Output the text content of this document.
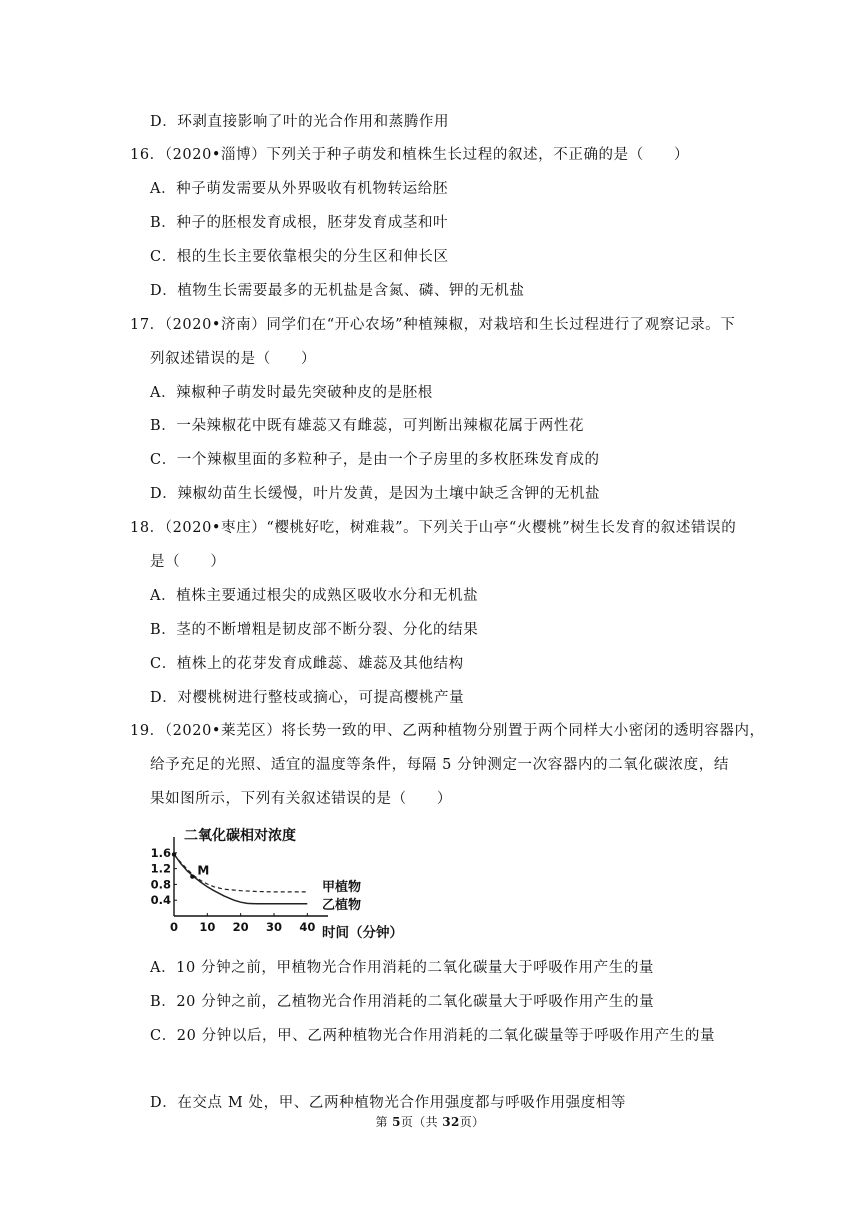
D．环剥直接影响了叶的光合作用和蒸腾作用
16．（2020•淄博）下列关于种子萌发和植株生长过程的叙述，不正确的是（　　）
A．种子萌发需要从外界吸收有机物转运给胚
B．种子的胚根发育成根，胚芽发育成茎和叶
C．根的生长主要依靠根尖的分生区和伸长区
D．植物生长需要最多的无机盐是含氮、磷、钾的无机盐
17．（2020•济南）同学们在“开心农场”种植辣椒，对栽培和生长过程进行了观察记录。下
列叙述错误的是（　　）
A．辣椒种子萌发时最先突破种皮的是胚根
B．一朵辣椒花中既有雄蕊又有雌蕊，可判断出辣椒花属于两性花
C．一个辣椒里面的多粒种子，是由一个子房里的多枚胚珠发育成的
D．辣椒幼苗生长缓慢，叶片发黄，是因为土壤中缺乏含钾的无机盐
18．（2020•枣庄）“樱桃好吃，树难栽”。下列关于山亭“火樱桃”树生长发育的叙述错误的
是（　　）
A．植株主要通过根尖的成熟区吸收水分和无机盐
B．茎的不断增粗是韧皮部不断分裂、分化的结果
C．植株上的花芽发育成雌蕊、雄蕊及其他结构
D．对樱桃树进行整枝或摘心，可提高樱桃产量
19．（2020•莱芜区）将长势一致的甲、乙两种植物分别置于两个同样大小密闭的透明容器内，
给予充足的光照、适宜的温度等条件，每隔 5 分钟测定一次容器内的二氧化碳浓度，结
果如图所示，下列有关叙述错误的是（　　）
二氧化碳相对浓度
0.4
0.8
1.2
1.6
0 10 20 30 40
M
甲植物
乙植物
时间（分钟）
A．10 分钟之前，甲植物光合作用消耗的二氧化碳量大于呼吸作用产生的量
B．20 分钟之前，乙植物光合作用消耗的二氧化碳量大于呼吸作用产生的量
C．20 分钟以后，甲、乙两种植物光合作用消耗的二氧化碳量等于呼吸作用产生的量
D．在交点 M 处，甲、乙两种植物光合作用强度都与呼吸作用强度相等
第 5页（共 32页）
